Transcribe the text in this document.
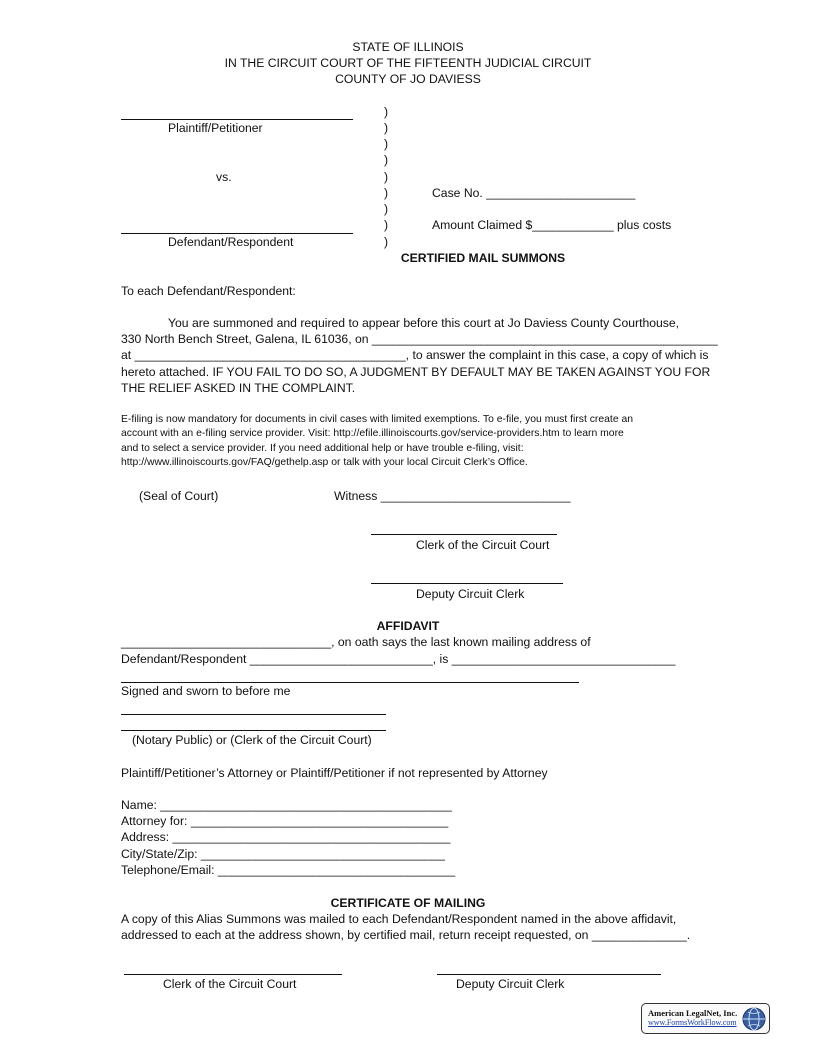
STATE OF ILLINOIS
IN THE CIRCUIT COURT OF THE FIFTEENTH JUDICIAL CIRCUIT
COUNTY OF JO DAVIESS
Plaintiff/Petitioner
vs.
Defendant/Respondent
)
)
)
)
)
)
)
)
)
Case No. ______________________
Amount Claimed $____________ plus costs
CERTIFIED MAIL SUMMONS
To each Defendant/Respondent:
You are summoned and required to appear before this court at Jo Daviess County Courthouse,
330 North Bench Street, Galena, IL 61036, on ___________________________________________________
at ________________________________________, to answer the complaint in this case, a copy of which is
hereto attached. IF YOU FAIL TO DO SO, A JUDGMENT BY DEFAULT MAY BE TAKEN AGAINST YOU FOR
THE RELIEF ASKED IN THE COMPLAINT.
E-filing is now mandatory for documents in civil cases with limited exemptions. To e-file, you must first create an
account with an e-filing service provider. Visit: http://efile.illinoiscourts.gov/service-providers.htm to learn more
and to select a service provider. If you need additional help or have trouble e-filing, visit:
http://www.illinoiscourts.gov/FAQ/gethelp.asp or talk with your local Circuit Clerk’s Office.
(Seal of Court)	Witness ____________________________
Clerk of the Circuit Court
Deputy Circuit Clerk
AFFIDAVIT
_______________________________, on oath says the last known mailing address of
Defendant/Respondent ___________________________, is _________________________________
Signed and sworn to before me
(Notary Public) or (Clerk of the Circuit Court)
Plaintiff/Petitioner’s Attorney or Plaintiff/Petitioner if not represented by Attorney
Name: ___________________________________________
Attorney for: ______________________________________
Address: _________________________________________
City/State/Zip: ____________________________________
Telephone/Email: ___________________________________
CERTIFICATE OF MAILING
A copy of this Alias Summons was mailed to each Defendant/Respondent named in the above affidavit,
addressed to each at the address shown, by certified mail, return receipt requested, on ______________.
Clerk of the Circuit Court	Deputy Circuit Clerk
American LegalNet, Inc.
www.FormsWorkFlow.com
